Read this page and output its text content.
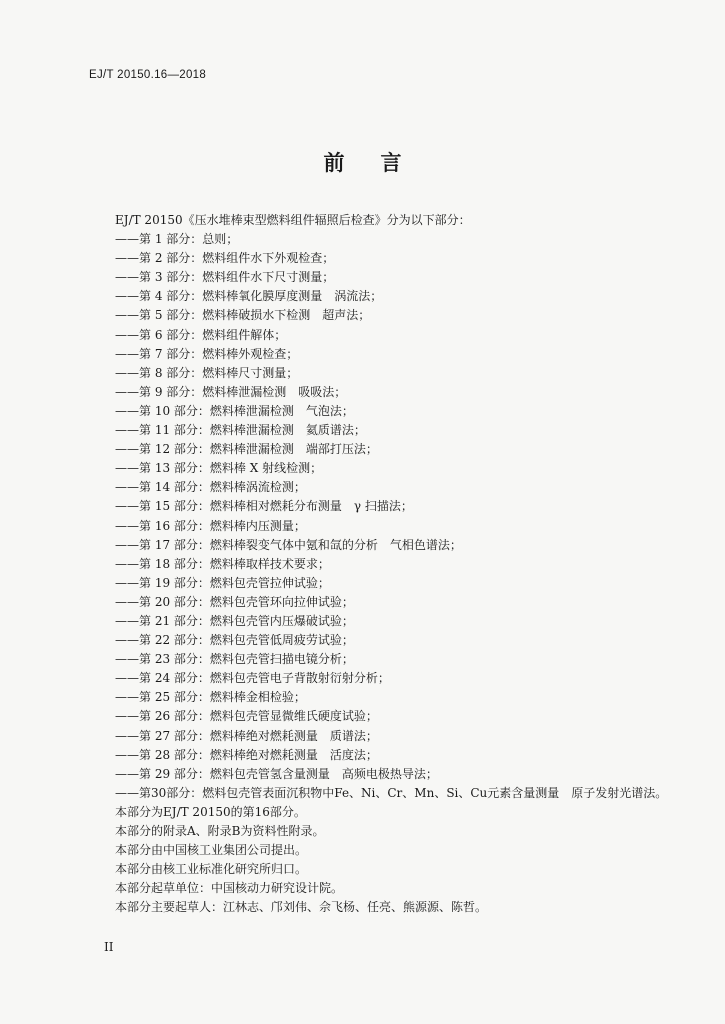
EJ/T 20150.16—2018
前言
EJ/T 20150《压水堆棒束型燃料组件辐照后检查》分为以下部分：
——第 1 部分：总则；
——第 2 部分：燃料组件水下外观检查；
——第 3 部分：燃料组件水下尺寸测量；
——第 4 部分：燃料棒氧化膜厚度测量　涡流法；
——第 5 部分：燃料棒破损水下检测　超声法；
——第 6 部分：燃料组件解体；
——第 7 部分：燃料棒外观检查；
——第 8 部分：燃料棒尺寸测量；
——第 9 部分：燃料棒泄漏检测　吸吸法；
——第 10 部分：燃料棒泄漏检测　气泡法；
——第 11 部分：燃料棒泄漏检测　氦质谱法；
——第 12 部分：燃料棒泄漏检测　端部打压法；
——第 13 部分：燃料棒 X 射线检测；
——第 14 部分：燃料棒涡流检测；
——第 15 部分：燃料棒相对燃耗分布测量　γ 扫描法；
——第 16 部分：燃料棒内压测量；
——第 17 部分：燃料棒裂变气体中氪和氙的分析　气相色谱法；
——第 18 部分：燃料棒取样技术要求；
——第 19 部分：燃料包壳管拉伸试验；
——第 20 部分：燃料包壳管环向拉伸试验；
——第 21 部分：燃料包壳管内压爆破试验；
——第 22 部分：燃料包壳管低周疲劳试验；
——第 23 部分：燃料包壳管扫描电镜分析；
——第 24 部分：燃料包壳管电子背散射衍射分析；
——第 25 部分：燃料棒金相检验；
——第 26 部分：燃料包壳管显微维氏硬度试验；
——第 27 部分：燃料棒绝对燃耗测量　质谱法；
——第 28 部分：燃料棒绝对燃耗测量　活度法；
——第 29 部分：燃料包壳管氢含量测量　高频电极热导法；
——第30部分：燃料包壳管表面沉积物中Fe、Ni、Cr、Mn、Si、Cu元素含量测量　原子发射光谱法。
本部分为EJ/T 20150的第16部分。
本部分的附录A、附录B为资料性附录。
本部分由中国核工业集团公司提出。
本部分由核工业标准化研究所归口。
本部分起草单位：中国核动力研究设计院。
本部分主要起草人：江林志、邝刘伟、佘飞杨、任亮、熊源源、陈哲。
II
